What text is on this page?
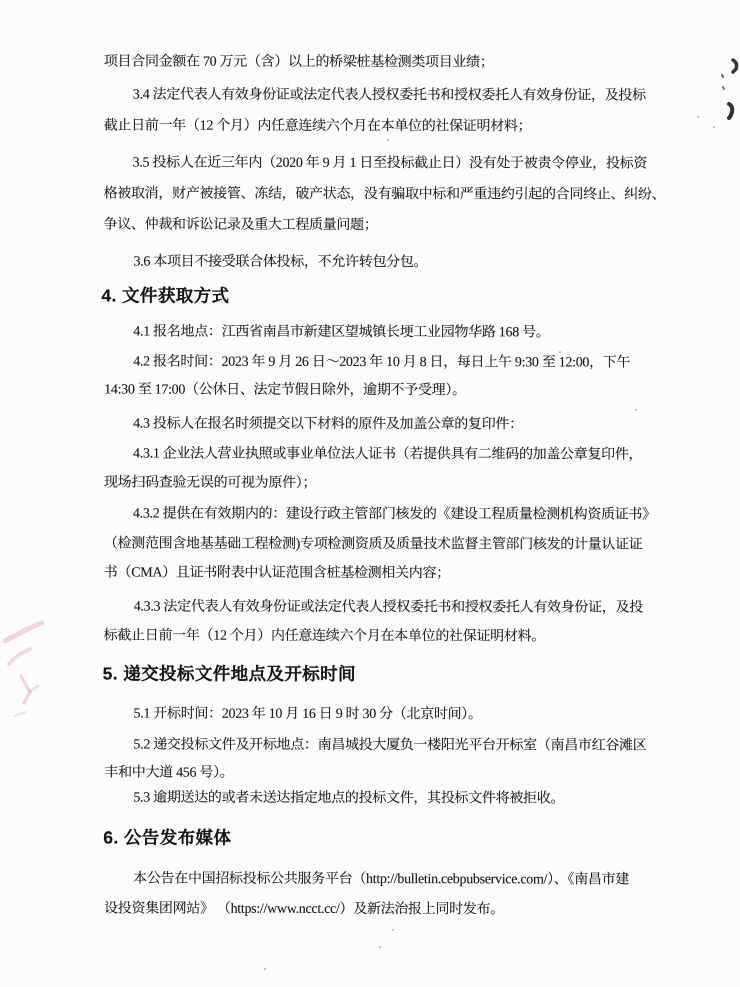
项目合同金额在 70 万元（含）以上的桥梁桩基检测类项目业绩；
3.4 法定代表人有效身份证或法定代表人授权委托书和授权委托人有效身份证，及投标
截止日前一年（12 个月）内任意连续六个月在本单位的社保证明材料；
3.5 投标人在近三年内（2020 年 9 月 1 日至投标截止日）没有处于被责令停业，投标资
格被取消，财产被接管、冻结，破产状态，没有骗取中标和严重违约引起的合同终止、纠纷、
争议、仲裁和诉讼记录及重大工程质量问题；
3.6 本项目不接受联合体投标，不允许转包分包。
4. 文件获取方式
4.1 报名地点：江西省南昌市新建区望城镇长埂工业园物华路 168 号。
4.2 报名时间：2023 年 9 月 26 日～2023 年 10 月 8 日，每日上午 9:30 至 12:00，下午
14:30 至 17:00（公休日、法定节假日除外，逾期不予受理）。
4.3 投标人在报名时须提交以下材料的原件及加盖公章的复印件：
4.3.1 企业法人营业执照或事业单位法人证书（若提供具有二维码的加盖公章复印件，
现场扫码查验无误的可视为原件）；
4.3.2 提供在有效期内的：建设行政主管部门核发的《建设工程质量检测机构资质证书》
（检测范围含地基基础工程检测)专项检测资质及质量技术监督主管部门核发的计量认证证
书（CMA）且证书附表中认证范围含桩基检测相关内容；
4.3.3 法定代表人有效身份证或法定代表人授权委托书和授权委托人有效身份证，及投
标截止日前一年（12 个月）内任意连续六个月在本单位的社保证明材料。
5. 递交投标文件地点及开标时间
5.1 开标时间：2023 年 10 月 16 日 9 时 30 分（北京时间）。
5.2 递交投标文件及开标地点：南昌城投大厦负一楼阳光平台开标室（南昌市红谷滩区
丰和中大道 456 号）。
5.3 逾期送达的或者未送达指定地点的投标文件，其投标文件将被拒收。
6. 公告发布媒体
本公告在中国招标投标公共服务平台（http://bulletin.cebpubservice.com/）、《南昌市建
设投资集团网站》 （https://www.ncct.cc/）及新法治报上同时发布。
